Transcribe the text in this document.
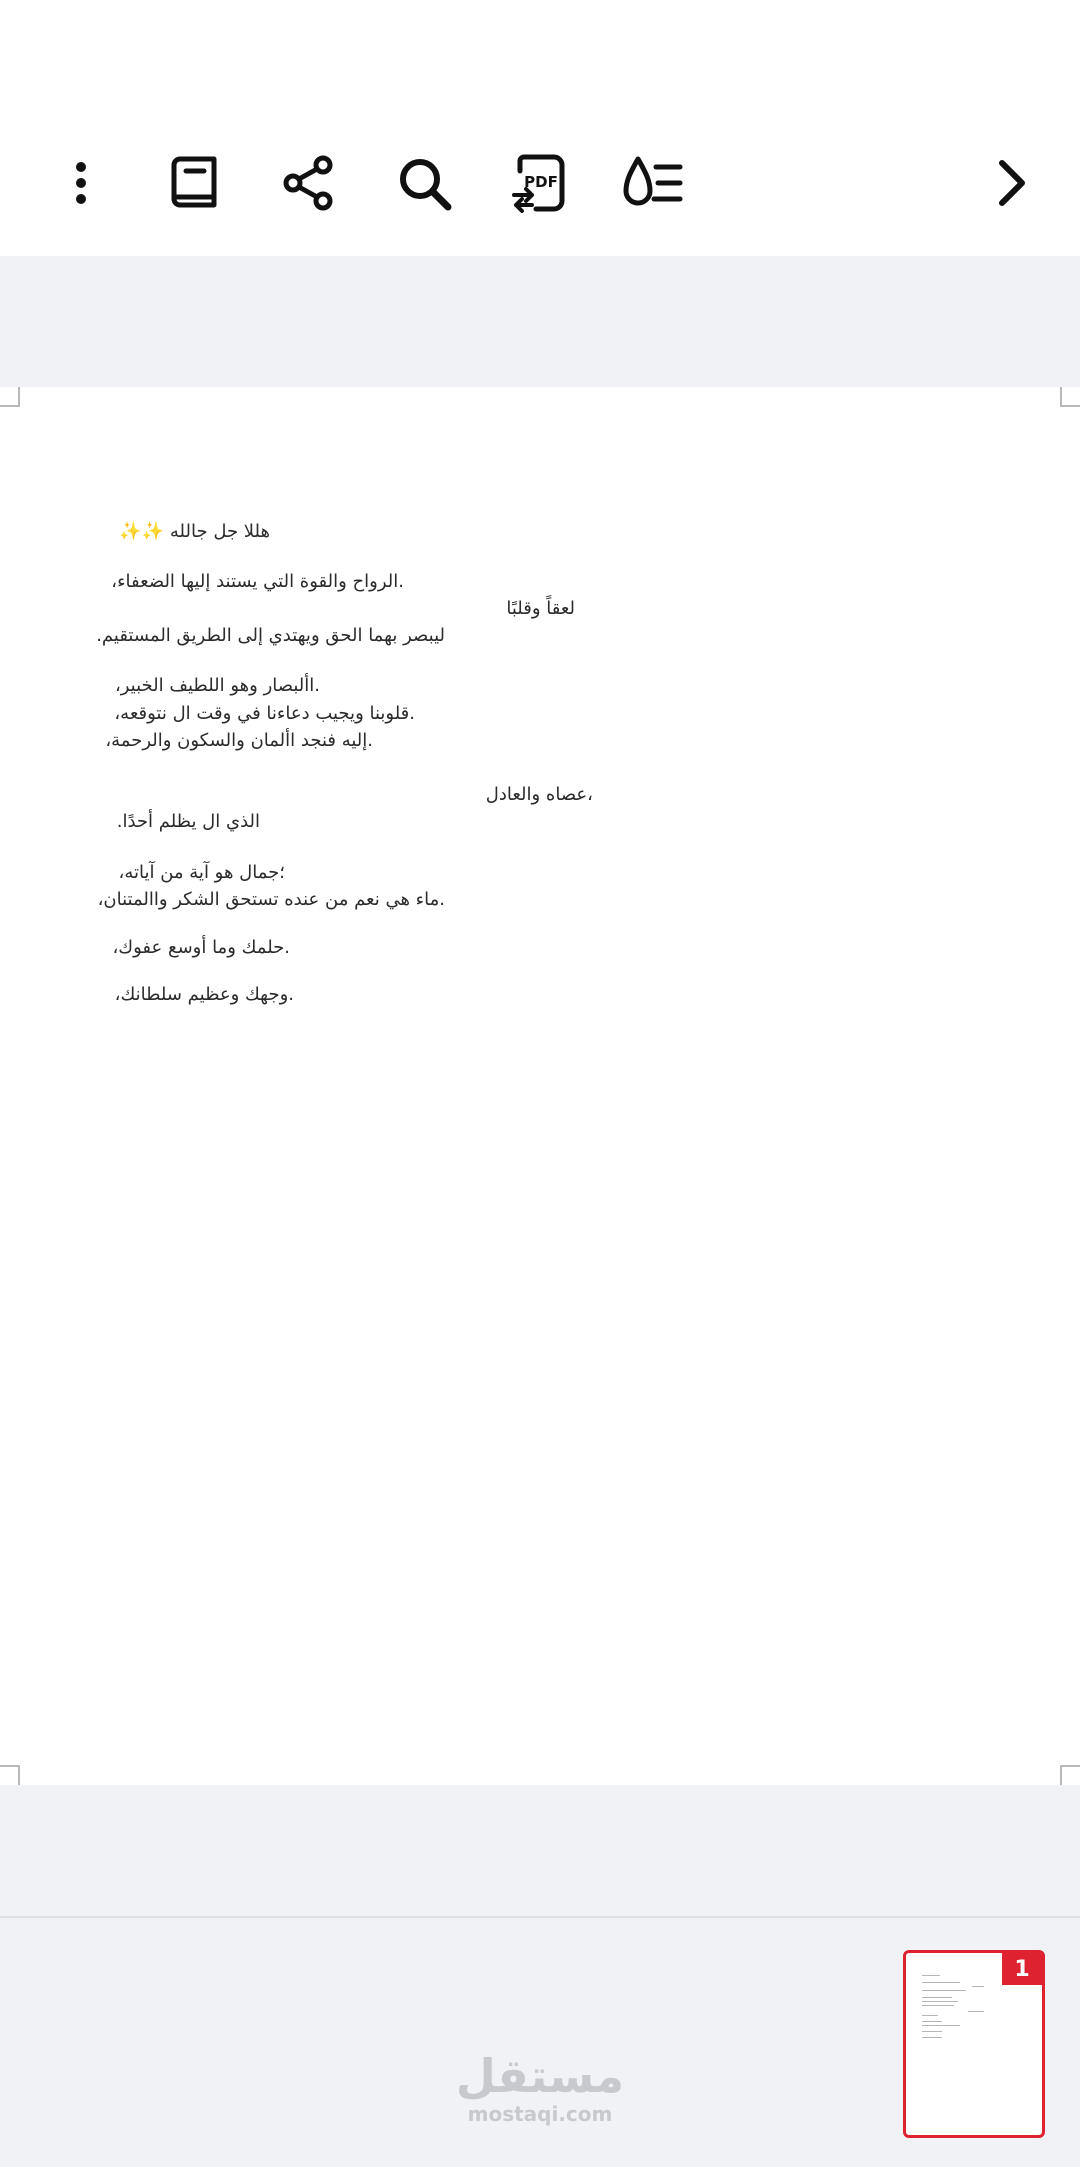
PDF
هللا جل جالله ✨✨
.الرواح والقوة التي يستند إليها الضعفاء،
لعقاً وقلبًا
ليبصر بهما الحق ويهتدي إلى الطريق المستقيم.
.األبصار وهو اللطيف الخبير،
.قلوبنا ويجيب دعاءنا في وقت ال نتوقعه،
.إليه فنجد األمان والسكون والرحمة،
،عصاه والعادل
الذي ال يظلم أحدًا.
؛جمال هو آية من آياته،
.ماء هي نعم من عنده تستحق الشكر واالمتنان،
.حلمك وما أوسع عفوك،
.وجهك وعظيم سلطانك،
مستقل
mostaqi.com
1
